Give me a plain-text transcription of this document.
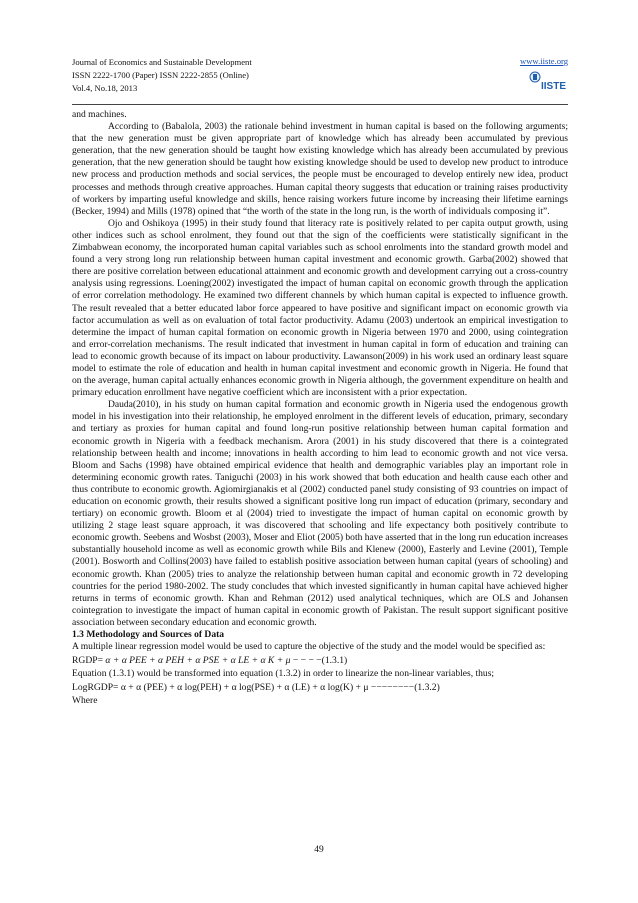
Journal of Economics and Sustainable Development
ISSN 2222-1700 (Paper) ISSN 2222-2855 (Online)
Vol.4, No.18, 2013
www.iiste.org
IISTE

and machines.

According to (Babalola, 2003) the rationale behind investment in human capital is based on the following arguments; that the new generation must be given appropriate part of knowledge which has already been accumulated by previous generation, that the new generation should be taught how existing knowledge which has already been accumulated by previous generation, that the new generation should be taught how existing knowledge should be used to develop new product to introduce new process and production methods and social services, the people must be encouraged to develop entirely new idea, product processes and methods through creative approaches. Human capital theory suggests that education or training raises productivity of workers by imparting useful knowledge and skills, hence raising workers future income by increasing their lifetime earnings (Becker, 1994) and Mills (1978) opined that “the worth of the state in the long run, is the worth of individuals composing it”.

Ojo and Oshikoya (1995) in their study found that literacy rate is positively related to per capita output growth, using other indices such as school enrolment, they found out that the sign of the coefficients were statistically significant in the Zimbabwean economy, the incorporated human capital variables such as school enrolments into the standard growth model and found a very strong long run relationship between human capital investment and economic growth. Garba(2002) showed that there are positive correlation between educational attainment and economic growth and development carrying out a cross-country analysis using regressions. Loening(2002) investigated the impact of human capital on economic growth through the application of error correlation methodology. He examined two different channels by which human capital is expected to influence growth. The result revealed that a better educated labor force appeared to have positive and significant impact on economic growth via factor accumulation as well as on evaluation of total factor productivity. Adamu (2003) undertook an empirical investigation to determine the impact of human capital formation on economic growth in Nigeria between 1970 and 2000, using cointegration and error-correlation mechanisms. The result indicated that investment in human capital in form of education and training can lead to economic growth because of its impact on labour productivity. Lawanson(2009) in his work used an ordinary least square model to estimate the role of education and health in human capital investment and economic growth in Nigeria. He found that on the average, human capital actually enhances economic growth in Nigeria although, the government expenditure on health and primary education enrollment have negative coefficient which are inconsistent with a prior expectation.

Dauda(2010), in his study on human capital formation and economic growth in Nigeria used the endogenous growth model in his investigation into their relationship, he employed enrolment in the different levels of education, primary, secondary and tertiary as proxies for human capital and found long-run positive relationship between human capital formation and economic growth in Nigeria with a feedback mechanism. Arora (2001) in his study discovered that there is a cointegrated relationship between health and income; innovations in health according to him lead to economic growth and not vice versa. Bloom and Sachs (1998) have obtained empirical evidence that health and demographic variables play an important role in determining economic growth rates. Taniguchi (2003) in his work showed that both education and health cause each other and thus contribute to economic growth. Agiomirgianakis et al (2002) conducted panel study consisting of 93 countries on impact of education on economic growth, their results showed a significant positive long run impact of education (primary, secondary and tertiary) on economic growth. Bloom et al (2004) tried to investigate the impact of human capital on economic growth by utilizing 2 stage least square approach, it was discovered that schooling and life expectancy both positively contribute to economic growth. Seebens and Wosbst (2003), Moser and Eliot (2005) both have asserted that in the long run education increases substantially household income as well as economic growth while Bils and Klenew (2000), Easterly and Levine (2001), Temple (2001). Bosworth and Collins(2003) have failed to establish positive association between human capital (years of schooling) and economic growth. Khan (2005) tries to analyze the relationship between human capital and economic growth in 72 developing countries for the period 1980-2002. The study concludes that which invested significantly in human capital have achieved higher returns in terms of economic growth. Khan and Rehman (2012) used analytical techniques, which are OLS and Johansen cointegration to investigate the impact of human capital in economic growth of Pakistan. The result support significant positive association between secondary education and economic growth.

1.3 Methodology and Sources of Data

A multiple linear regression model would be used to capture the objective of the study and the model would be specified as:

RGDP= α + α PEE + α PEH + α PSE + α LE + α K + μ − − − −(1.3.1)

Equation (1.3.1) would be transformed into equation (1.3.2) in order to linearize the non-linear variables, thus;

LogRGDP= α + α (PEE) + α log(PEH) + α log(PSE) + α (LE) + α log(K) + μ −−−−−−−−(1.3.2)

Where

49
